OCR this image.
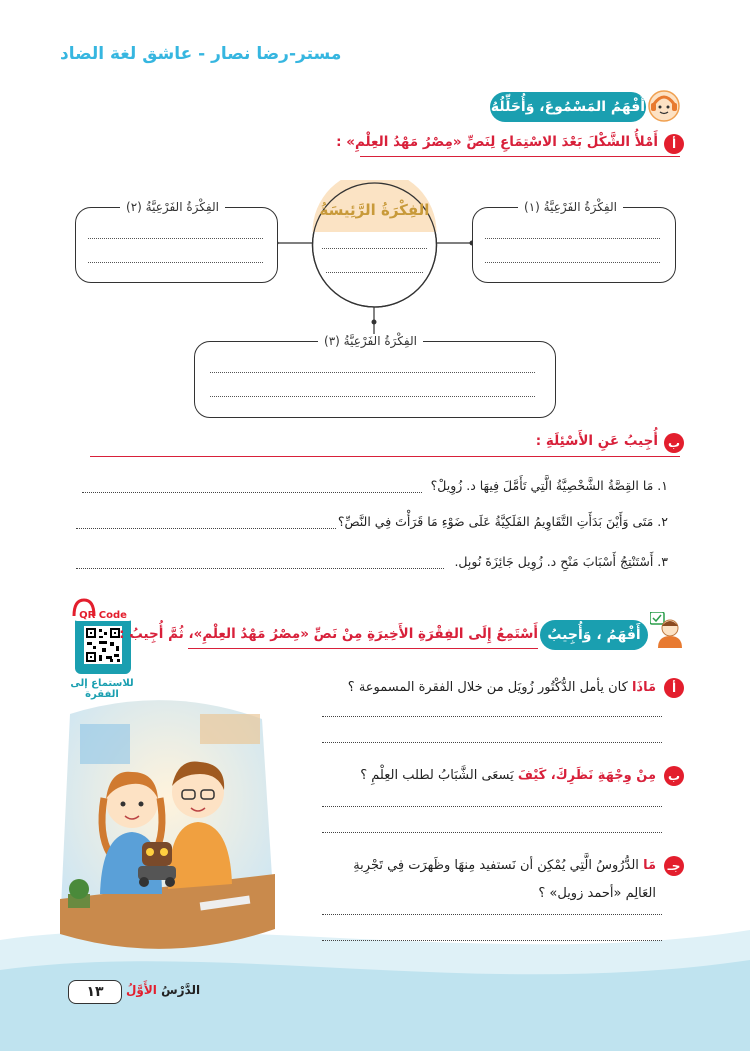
مستر-رضا نصار - عاشق لغة الضاد
أَفْهَمُ المَسْمُوعَ، وَأُحَلِّلُهُ
أ
أَمْلأُ الشَّكْلَ بَعْدَ الاسْتِمَاعِ لِنَصِّ «مِصْرُ مَهْدُ العِلْمِ» :
الفِكْرَةُ الفَرْعِيَّةُ (٢)	الفِكْرَةُ الفَرْعِيَّةُ (١)
الفِكْرَةُ الرَّئِيسَةُ
الفِكْرَةُ الفَرْعِيَّةُ (٣)
ب
أُجِيبُ عَنِ الأَسْئِلَةِ :
١. مَا القِصَّةُ الشَّخْصِيَّةُ الَّتِي تَأَمَّلَ فِيهَا د. زُوِيلْ؟
٢. مَتَى وَأَيْنَ بَدَأَتِ التَّقَاوِيمُ الفَلَكِيَّةُ عَلَى ضَوْءِ مَا قَرَأْتَ فِي النَّصِّ؟
٣. أَسْتَنْتِجُ أَسْبَابَ مَنْحِ د. زُوِيل جَائِزَةَ نُوبِل.
QR Code
للاستماع إلى الفقرة
أَفْهَمُ ، وَأُجِيبُ
أَسْتَمِعُ إِلَى الفِقْرَةِ الأَخِيرَةِ مِنْ نَصِّ «مِصْرُ مَهْدُ العِلْمِ»، ثُمَّ أُجِيبُ :
أ
مَاذَا كان يأمل الدُّكْتُور زُويَل من خلال الفقرة المسموعة ؟
ب
مِنْ وِجْهَةِ نَظَرِكَ، كَيْفَ يَسعَى الشَّبَابُ لطلب العِلْمِ ؟
جـ
مَا الدُّرُوسُ الَّتِي يُمْكِن أن نَستفيد مِنهَا وظَهرَت فِي تَجْرِبةِ
العَالِم «أحمد زويل» ؟
١٣	الدَّرْسُ الأَوَّلُ
